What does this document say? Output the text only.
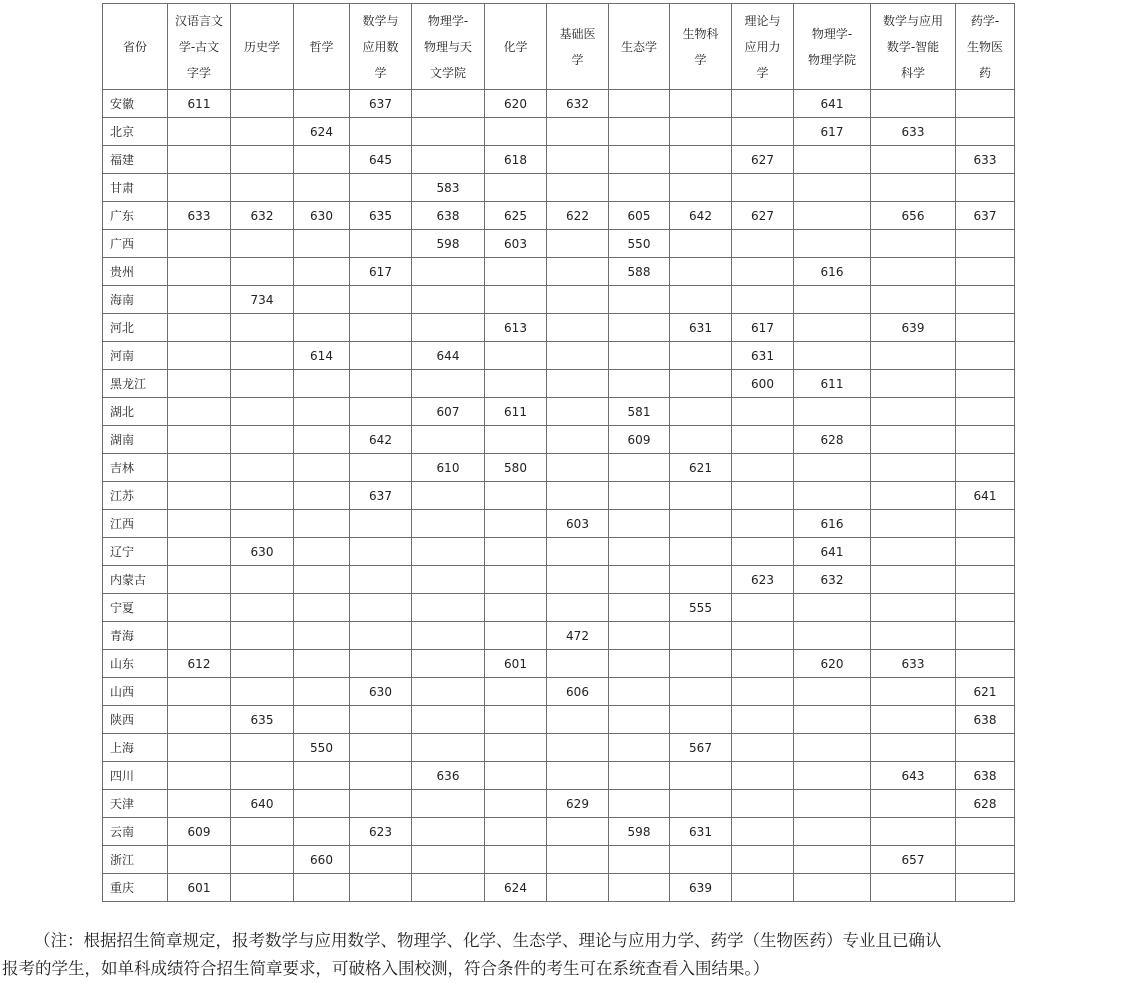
省份	汉语言文
学-古文
字学	历史学	哲学	数学与
应用数
学	物理学-
物理与天
文学院	化学	基础医
学	生态学	生物科
学	理论与
应用力
学	物理学-
物理学院	数学与应用
数学-智能
科学	药学-
生物医
药

安徽	611			637		620	632				641		
北京			624								617	633	
福建				645		618				627			633
甘肃					583								
广东	633	632	630	635	638	625	622	605	642	627		656	637
广西					598	603		550					
贵州				617				588			616		
海南		734											
河北						613			631	617		639	
河南			614		644					631			
黑龙江										600	611		
湖北					607	611		581					
湖南				642				609			628		
吉林					610	580			621				
江苏				637									641
江西							603				616		
辽宁		630									641		
内蒙古										623	632		
宁夏									555				
青海							472						
山东	612					601					620	633	
山西				630			606						621
陕西		635											638
上海			550						567				
四川					636							643	638
天津		640					629						628
云南	609			623				598	631				
浙江			660									657	
重庆	601					624			639				
（注：根据招生简章规定，报考数学与应用数学、物理学、化学、生态学、理论与应用力学、药学（生物医药）专业且已确认
报考的学生，如单科成绩符合招生简章要求，可破格入围校测，符合条件的考生可在系统查看入围结果。）
